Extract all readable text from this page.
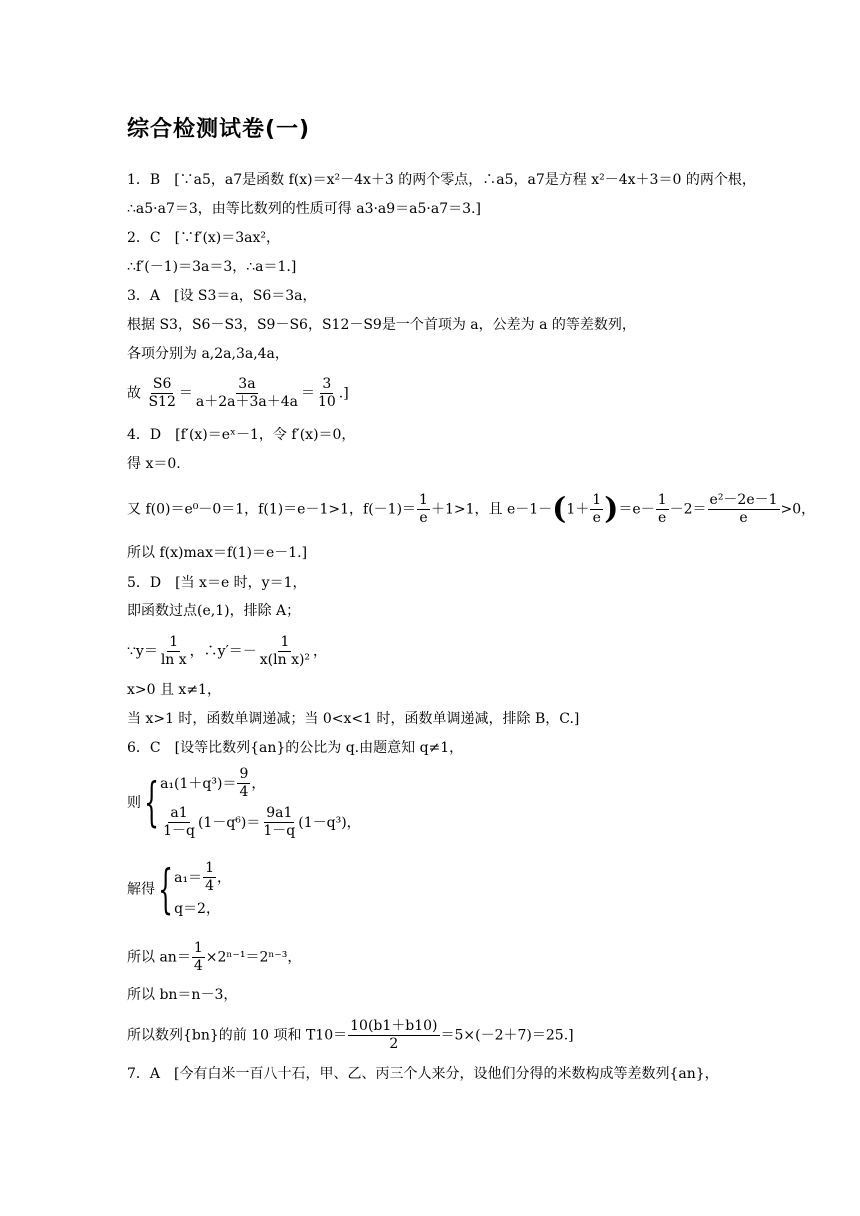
综合检测试卷(一)
1．B　[∵a5，a7是函数 f(x)＝x²－4x＋3 的两个零点，∴a5，a7是方程 x²－4x＋3＝0 的两个根，
∴a5·a7＝3，由等比数列的性质可得 a3·a9＝a5·a7＝3.]
2．C　[∵f′(x)＝3ax²，
∴f′(－1)＝3a＝3，∴a＝1.]
3．A　[设 S3＝a，S6＝3a，
根据 S3，S6－S3，S9－S6，S12－S9是一个首项为 a，公差为 a 的等差数列，
各项分别为 a,2a,3a,4a，
故 $\frac{S6}{S12} = \frac{3a}{a+2a+3a+4a} = \frac{3}{10}$ .]
4．D　[f′(x)＝eˣ－1，令 f′(x)＝0，
得 x＝0.
又 f(0)＝e⁰－0＝1，f(1)＝e－1>1，$f(-1)= \frac{1}{e} +1>1$，且 $e-1-(1+ \frac{1}{e} )=e- \frac{1}{e} -2= \frac{\text{e²－2e－1}}{e} >0$，
所以 f(x)max＝f(1)＝e－1.]
5．D　[当 x＝e 时，y＝1，
即函数过点(e,1)，排除 A；
∵y＝ $\frac{1}{\text{ln x}}$ ，∴y′＝－ $\frac{1}{\text{x(ln x)²}}$ ，
x>0 且 x≠1，
当 x>1 时，函数单调递减；当 0<x<1 时，函数单调递减，排除 B，C.]
6．C　[设等比数列{an}的公比为 q.由题意知 q≠1，
则{ $a_1(1+q^3)= \frac{9}{4}$ ，
$\frac{a1}{1-q} (1-q^6)= \frac{9a1}{1-q} (1-q^3)$，
解得{ $a_1= \frac{1}{4}$ ，
q＝2，
所以 $an= \frac{1}{4} \times 2^{n-1}=2^{n-3}$，
所以 bn＝n－3，
所以数列{bn}的前 10 项和 $T10= \frac{10(b1+b10)}{2} =5\times(-2+7)=25$.]
7．A　[今有白米一百八十石，甲、乙、丙三个人来分，设他们分得的米数构成等差数列{an}，
